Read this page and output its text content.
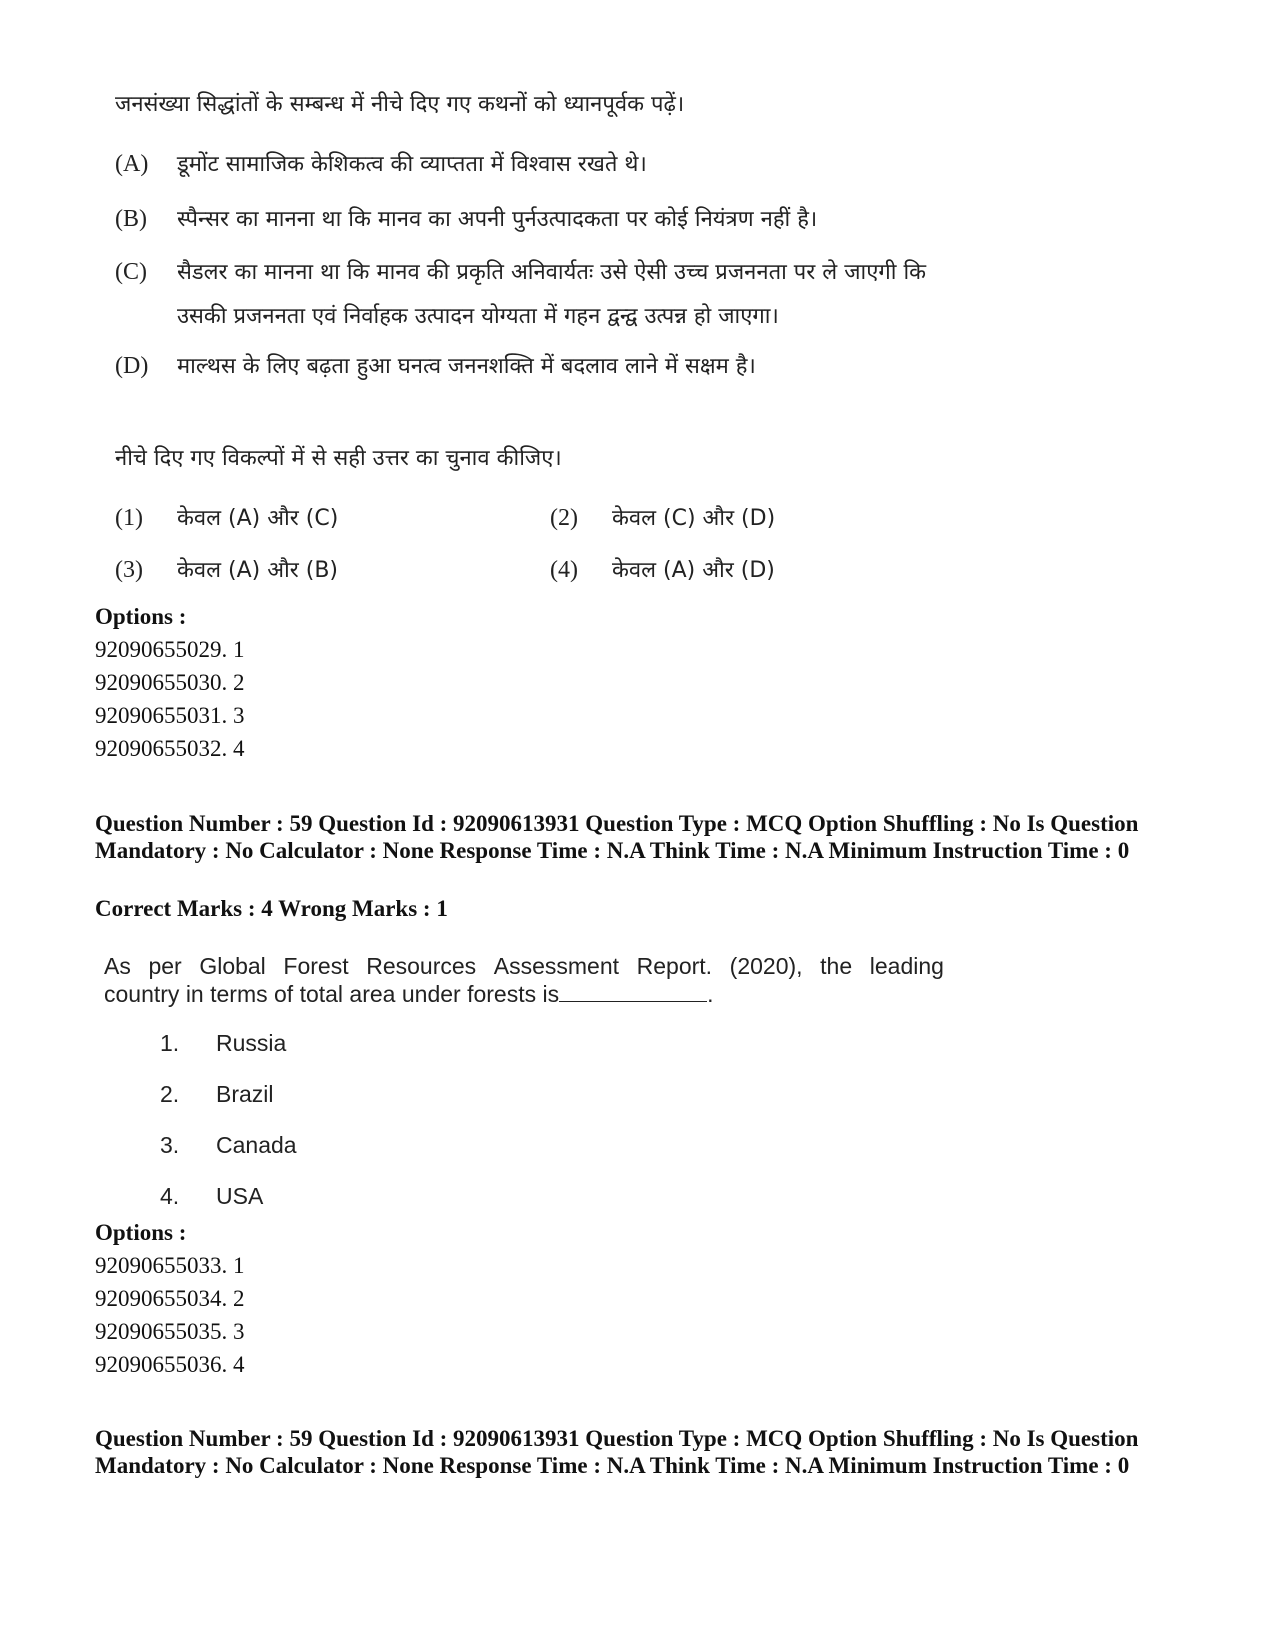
जनसंख्या सिद्धांतों के सम्बन्ध में नीचे दिए गए कथनों को ध्यानपूर्वक पढ़ें।
(A) डूमोंट सामाजिक केशिकत्व की व्याप्तता में विश्वास रखते थे।
(B) स्पैन्सर का मानना था कि मानव का अपनी पुर्नउत्पादकता पर कोई नियंत्रण नहीं है।
(C) सैडलर का मानना था कि मानव की प्रकृति अनिवार्यतः उसे ऐसी उच्च प्रजननता पर ले जाएगी कि
उसकी प्रजननता एवं निर्वाहक उत्पादन योग्यता में गहन द्वन्द्व उत्पन्न हो जाएगा।
(D) माल्थस के लिए बढ़ता हुआ घनत्व जननशक्ति में बदलाव लाने में सक्षम है।
नीचे दिए गए विकल्पों में से सही उत्तर का चुनाव कीजिए।
(1) केवल (A) और (C)	(2) केवल (C) और (D)
(3) केवल (A) और (B)	(4) केवल (A) और (D)
Options :
92090655029. 1
92090655030. 2
92090655031. 3
92090655032. 4
Question Number : 59 Question Id : 92090613931 Question Type : MCQ Option Shuffling : No Is Question Mandatory : No Calculator : None Response Time : N.A Think Time : N.A Minimum Instruction Time : 0
Correct Marks : 4 Wrong Marks : 1
As per Global Forest Resources Assessment Report. (2020), the leading
country in terms of total area under forests is	.
1. Russia
2. Brazil
3. Canada
4. USA
Options :
92090655033. 1
92090655034. 2
92090655035. 3
92090655036. 4
Question Number : 59 Question Id : 92090613931 Question Type : MCQ Option Shuffling : No Is Question Mandatory : No Calculator : None Response Time : N.A Think Time : N.A Minimum Instruction Time : 0
